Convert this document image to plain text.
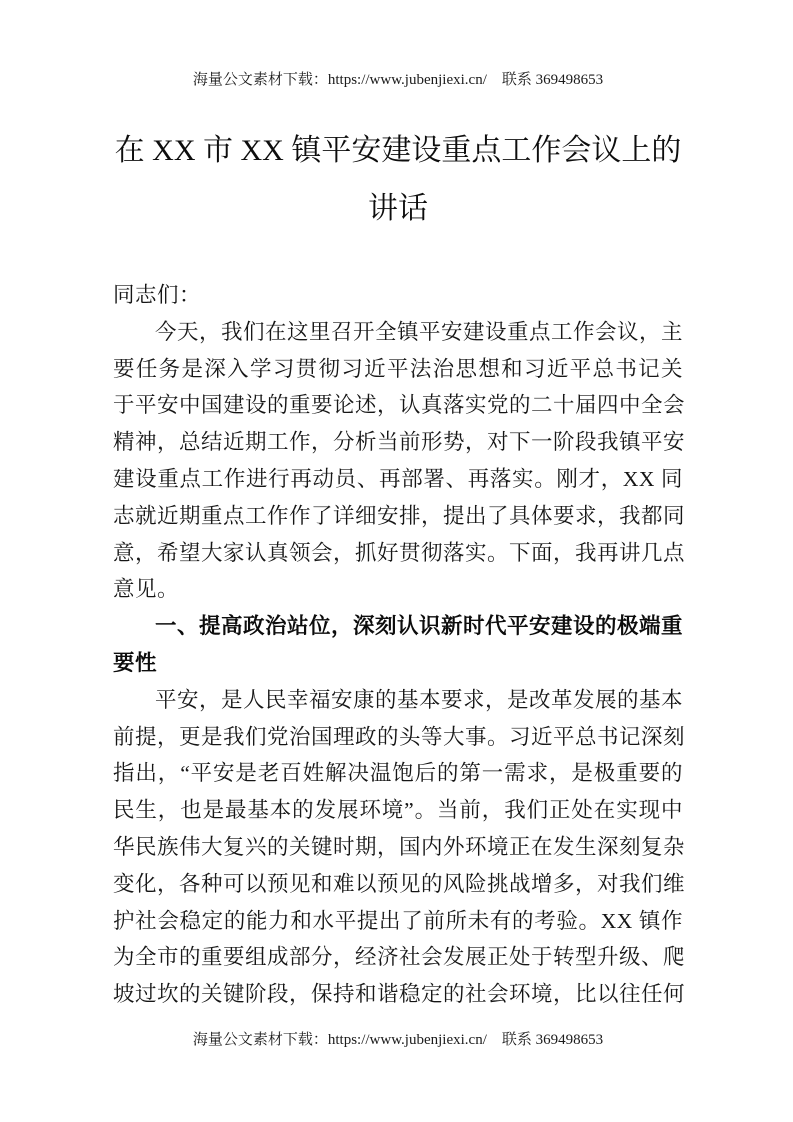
海量公文素材下载：https://www.jubenjiexi.cn/　联系 369498653
在 XX 市 XX 镇平安建设重点工作会议上的
讲话
同志们：
今天，我们在这里召开全镇平安建设重点工作会议，主
要任务是深入学习贯彻习近平法治思想和习近平总书记关
于平安中国建设的重要论述，认真落实党的二十届四中全会
精神，总结近期工作，分析当前形势，对下一阶段我镇平安
建设重点工作进行再动员、再部署、再落实。刚才，XX 同
志就近期重点工作作了详细安排，提出了具体要求，我都同
意，希望大家认真领会，抓好贯彻落实。下面，我再讲几点
意见。
一、提高政治站位，深刻认识新时代平安建设的极端重
要性
平安，是人民幸福安康的基本要求，是改革发展的基本
前提，更是我们党治国理政的头等大事。习近平总书记深刻
指出，“平安是老百姓解决温饱后的第一需求，是极重要的
民生，也是最基本的发展环境”。当前，我们正处在实现中
华民族伟大复兴的关键时期，国内外环境正在发生深刻复杂
变化，各种可以预见和难以预见的风险挑战增多，对我们维
护社会稳定的能力和水平提出了前所未有的考验。XX 镇作
为全市的重要组成部分，经济社会发展正处于转型升级、爬
坡过坎的关键阶段，保持和谐稳定的社会环境，比以往任何
海量公文素材下载：https://www.jubenjiexi.cn/　联系 369498653
